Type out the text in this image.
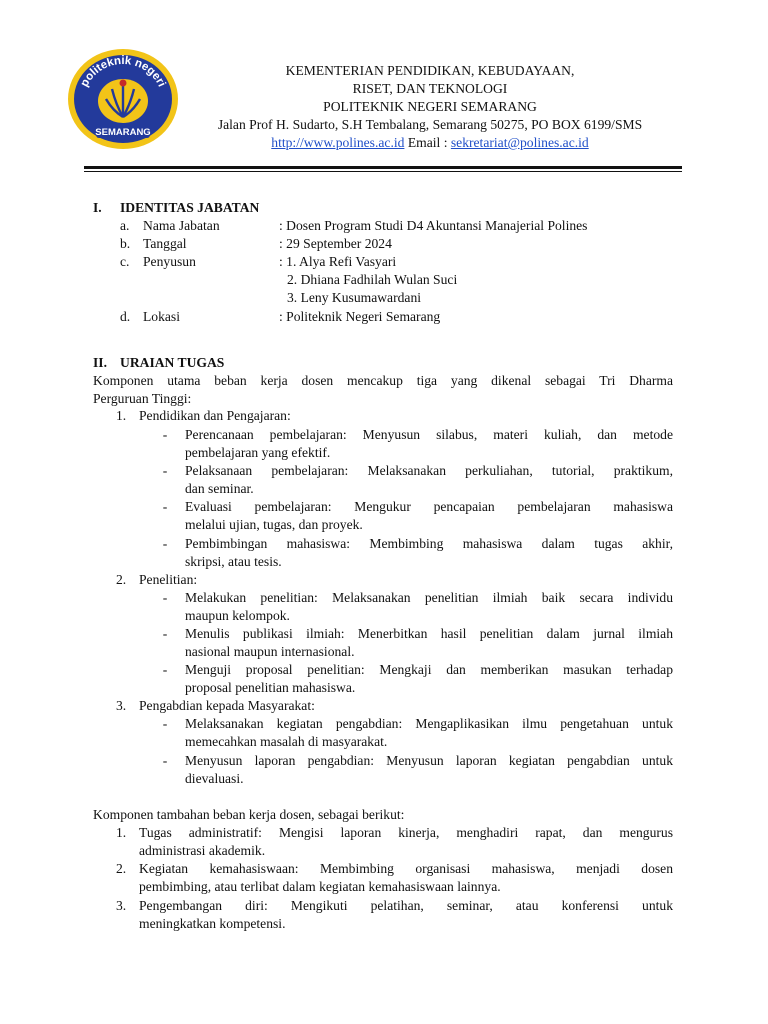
politeknik negeri
SEMARANG
KEMENTERIAN PENDIDIKAN, KEBUDAYAAN,
RISET, DAN TEKNOLOGI
POLITEKNIK NEGERI SEMARANG
Jalan Prof H. Sudarto, S.H Tembalang, Semarang 50275, PO BOX 6199/SMS
http://www.polines.ac.id Email : sekretariat@polines.ac.id
I. IDENTITAS JABATAN
a. Nama Jabatan	: Dosen Program Studi D4 Akuntansi Manajerial Polines
b. Tanggal	: 29 September 2024
c. Penyusun	: 1. Alya Refi Vasyari
2. Dhiana Fadhilah Wulan Suci
3. Leny Kusumawardani
d. Lokasi	: Politeknik Negeri Semarang
II. URAIAN TUGAS
Komponen utama beban kerja dosen mencakup tiga yang dikenal sebagai Tri Dharma
Perguruan Tinggi:
1. Pendidikan dan Pengajaran:
- Perencanaan pembelajaran: Menyusun silabus, materi kuliah, dan metode
pembelajaran yang efektif.
- Pelaksanaan pembelajaran: Melaksanakan perkuliahan, tutorial, praktikum,
dan seminar.
- Evaluasi pembelajaran: Mengukur pencapaian pembelajaran mahasiswa
melalui ujian, tugas, dan proyek.
- Pembimbingan mahasiswa: Membimbing mahasiswa dalam tugas akhir,
skripsi, atau tesis.
2. Penelitian:
- Melakukan penelitian: Melaksanakan penelitian ilmiah baik secara individu
maupun kelompok.
- Menulis publikasi ilmiah: Menerbitkan hasil penelitian dalam jurnal ilmiah
nasional maupun internasional.
- Menguji proposal penelitian: Mengkaji dan memberikan masukan terhadap
proposal penelitian mahasiswa.
3. Pengabdian kepada Masyarakat:
- Melaksanakan kegiatan pengabdian: Mengaplikasikan ilmu pengetahuan untuk
memecahkan masalah di masyarakat.
- Menyusun laporan pengabdian: Menyusun laporan kegiatan pengabdian untuk
dievaluasi.
Komponen tambahan beban kerja dosen, sebagai berikut:
1. Tugas administratif: Mengisi laporan kinerja, menghadiri rapat, dan mengurus
administrasi akademik.
2. Kegiatan kemahasiswaan: Membimbing organisasi mahasiswa, menjadi dosen
pembimbing, atau terlibat dalam kegiatan kemahasiswaan lainnya.
3. Pengembangan diri: Mengikuti pelatihan, seminar, atau konferensi untuk
meningkatkan kompetensi.
